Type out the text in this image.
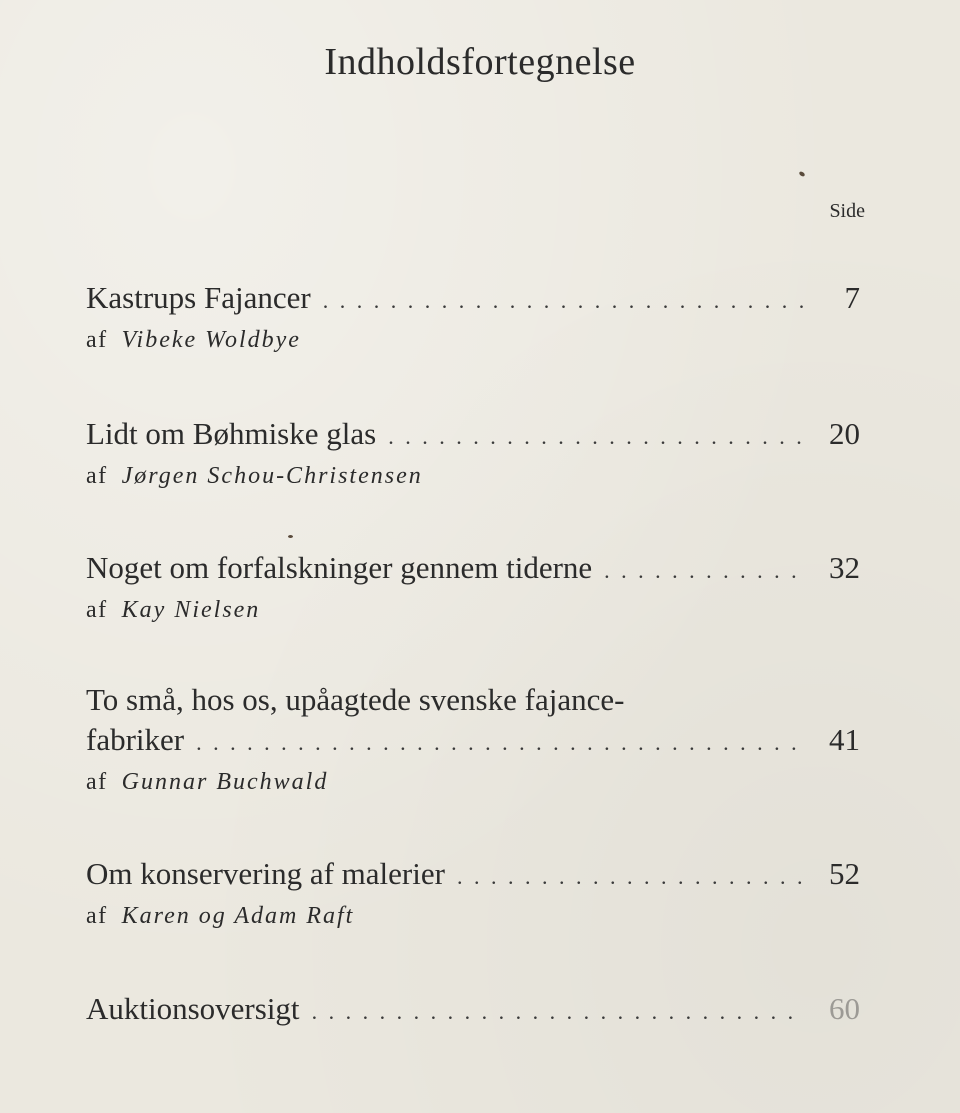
Indholdsfortegnelse
Side
Kastrups Fajancer . . .	7
af Vibeke Woldbye
Lidt om Bøhmiske glas . . .	20
af Jørgen Schou-Christensen
Noget om forfalskninger gennem tiderne . . .	32
af Kay Nielsen
To små, hos os, upåagtede svenske fajance-
fabriker . . .	41
af Gunnar Buchwald
Om konservering af malerier . . .	52
af Karen og Adam Raft
Auktionsoversigt . . .	60
